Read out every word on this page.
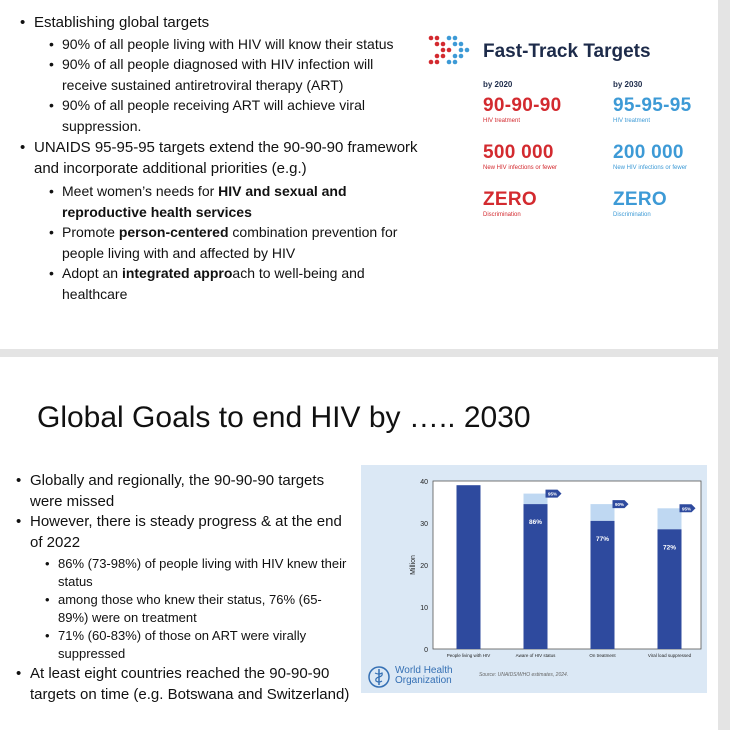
• Establishing global targets
• 90% of all people living with HIV will know their status
• 90% of all people diagnosed with HIV infection will receive sustained antiretroviral therapy (ART)
• 90% of all people receiving ART will achieve viral suppression.
• UNAIDS 95-95-95 targets extend the 90-90-90 framework and incorporate additional priorities (e.g.)
• Meet women’s needs for HIV and sexual and reproductive health services
• Promote person-centered combination prevention for people living with and affected by HIV
• Adopt an integrated approach to well-being and healthcare
Fast-Track Targets
by 2020
90-90-90
HIV treatment
500 000
New HIV infections or fewer
ZERO
Discrimination
by 2030
95-95-95
HIV treatment
200 000
New HIV infections or fewer
ZERO
Discrimination
Global Goals to end HIV by ….. 2030
• Globally and regionally, the 90-90-90 targets were missed
• However, there is steady progress & at the end of 2022
• 86% (73-98%) of people living with HIV knew their status
• among those who knew their status, 76% (65-89%) were on treatment
• 71% (60-83%) of those on ART were virally suppressed
• At least eight countries reached the 90-90-90 targets on time (e.g. Botswana and Switzerland)
0
10
20
30
40
Million
People living with HIV
86%
95%
Aware of HIV status
77%
90%
On treatment
72%
95%
Viral load suppressed
World Health Organization	Source: UNAIDS/WHO estimates, 2024.
